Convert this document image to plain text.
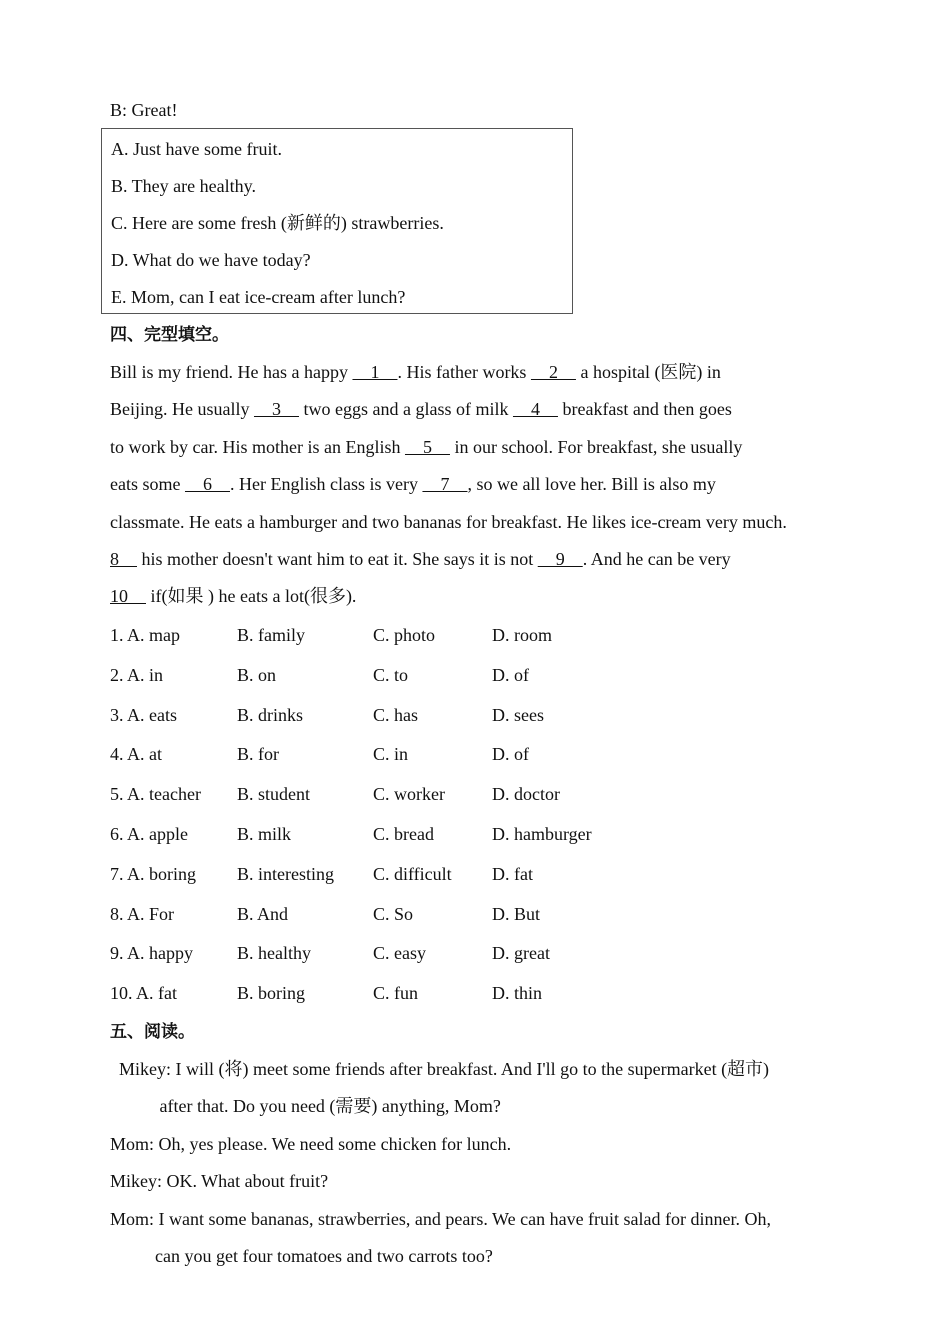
B: Great!
A. Just have some fruit.
B. They are healthy.
C. Here are some fresh (新鲜的) strawberries.
D. What do we have today?
E. Mom, can I eat ice-cream after lunch?
四、完型填空。
Bill is my friend. He has a happy     1    . His father works     2     a hospital (医院) in
Beijing. He usually     3     two eggs and a glass of milk     4     breakfast and then goes
to work by car. His mother is an English     5     in our school. For breakfast, she usually
eats some     6    . Her English class is very     7    , so we all love her. Bill is also my
classmate. He eats a hamburger and two bananas for breakfast. He likes ice-cream very much.
8     his mother doesn't want him to eat it. She says it is not     9    . And he can be very
10     if(如果 ) he eats a lot(很多).
1. A. map	B. family	C. photo	D. room
2. A. in	B. on	C. to	D. of
3. A. eats	B. drinks	C. has	D. sees
4. A. at	B. for	C. in	D. of
5. A. teacher B. student	C. worker	D. doctor
6. A. apple	B. milk	C. bread	D. hamburger
7. A. boring B. interesting C. difficult D. fat
8. A. For	B. And	C. So	D. But
9. A. happy B. healthy	C. easy	D. great
10. A. fat	B. boring	C. fun	D. thin
五、阅读。
Mikey: I will (将) meet some friends after breakfast. And I'll go to the supermarket (超市)
after that. Do you need (需要) anything, Mom?
Mom: Oh, yes please. We need some chicken for lunch.
Mikey: OK. What about fruit?
Mom: I want some bananas, strawberries, and pears. We can have fruit salad for dinner. Oh,
can you get four tomatoes and two carrots too?
